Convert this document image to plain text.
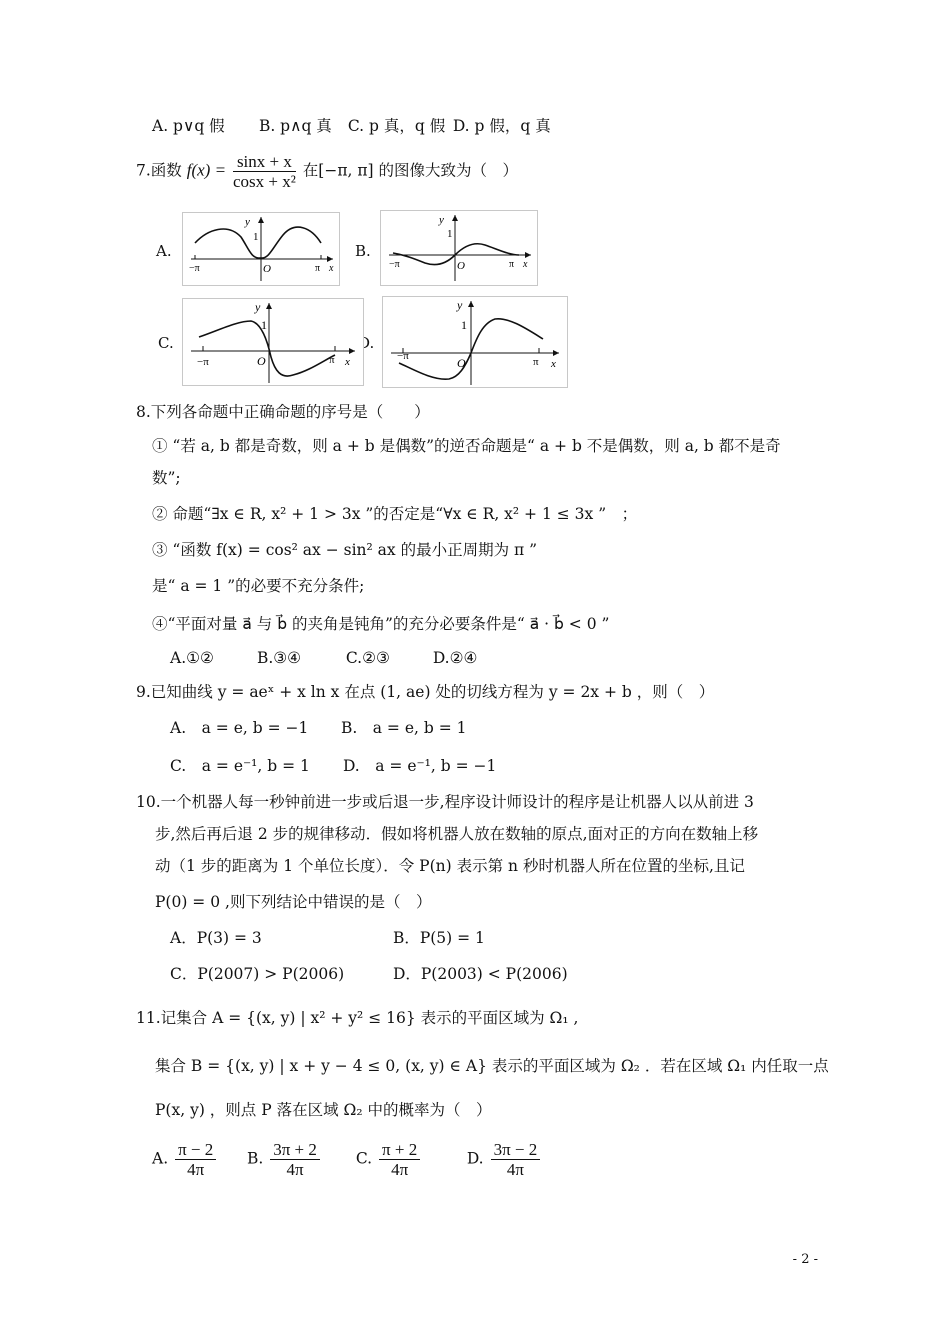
A. p∨q 假 B. p∧q 真 C. p 真，q 假 D. p 假，q 真
7.函数 $f(x) = \frac{\sin x + x}{\text{cosx + x²}}$ 在[−π, π] 的图像大致为（　）
A.	B.
C.	D.
y
1
O
−π	π x
y
1
O
−π	π x
y
1
O
−π	π x
y
1
O
−π	π x
8.下列各命题中正确命题的序号是（　　）
① “若 a, b 都是奇数，则 a + b 是偶数”的逆否命题是“ a + b 不是偶数，则 a, b 都不是奇
数”;
② 命题“∃x ∈ R, x² + 1 > 3x ”的否定是“∀x ∈ R, x² + 1 ≤ 3x ”　；
③ “函数 f(x) = cos² ax − sin² ax 的最小正周期为 π ”
是“ a = 1 ”的必要不充分条件;
④“平面对量 a⃗ 与 b⃗ 的夹角是钝角”的充分必要条件是“ a⃗ · b⃗ < 0 ”
A.①②	B.③④	C.②③	D.②④
9.已知曲线 y = aeˣ + x ln x 在点 (1, ae) 处的切线方程为 y = 2x + b ，则（　）
A.　a = e, b = −1 B.　a = e, b = 1
C.　a = e⁻¹, b = 1 D.　a = e⁻¹, b = −1
10.一个机器人每一秒钟前进一步或后退一步,程序设计师设计的程序是让机器人以从前进 3
步,然后再后退 2 步的规律移动．假如将机器人放在数轴的原点,面对正的方向在数轴上移
动（1 步的距离为 1 个单位长度）．令 P(n) 表示第 n 秒时机器人所在位置的坐标,且记
P(0) = 0 ,则下列结论中错误的是（　）
A．P(3) = 3	B．P(5) = 1
C．P(2007) > P(2006)	D．P(2003) < P(2006)
11.记集合 A = {(x, y) | x² + y² ≤ 16} 表示的平面区域为 Ω₁ ,
集合 B = {(x, y) | x + y − 4 ≤ 0, (x, y) ∈ A} 表示的平面区域为 Ω₂ ．若在区域 Ω₁ 内任取一点
P(x, y) ，则点 P 落在区域 Ω₂ 中的概率为（　）
A. $\frac{\pi - 2}{4\pi} B$. $\frac{3\pi + 2}{4\pi} C$. $\frac{\pi + 2}{4\pi}$	D. $\frac{3\pi - 2}{4\pi}$
- 2 -
